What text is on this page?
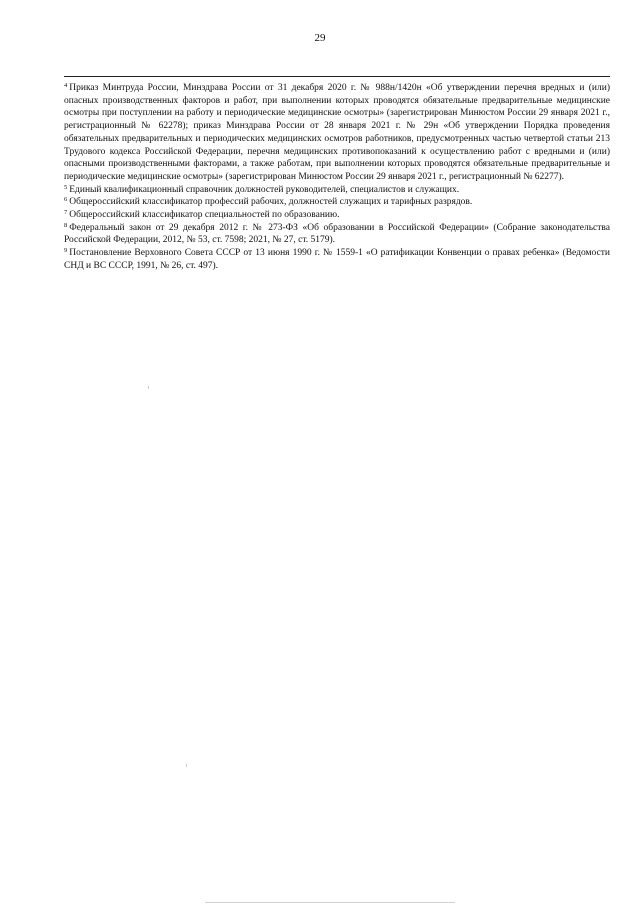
29

$^4$ Приказ Минтруда России, Минздрава России от 31 декабря 2020 г. № 988н/1420н «Об утверждении перечня вредных и (или) опасных производственных факторов и работ, при выполнении которых проводятся обязательные предварительные медицинские осмотры при поступлении на работу и периодические медицинские осмотры» (зарегистрирован Минюстом России 29 января 2021 г., регистрационный № 62278); приказ Минздрава России от 28 января 2021 г. № 29н «Об утверждении Порядка проведения обязательных предварительных и периодических медицинских осмотров работников, предусмотренных частью четвертой статьи 213 Трудового кодекса Российской Федерации, перечня медицинских противопоказаний к осуществлению работ с вредными и (или) опасными производственными факторами, а также работам, при выполнении которых проводятся обязательные предварительные и периодические медицинские осмотры» (зарегистрирован Минюстом России 29 января 2021 г., регистрационный № 62277).

$^5$ Единый квалификационный справочник должностей руководителей, специалистов и служащих.

$^6$ Общероссийский классификатор профессий рабочих, должностей служащих и тарифных разрядов.

$^7$ Общероссийский классификатор специальностей по образованию.

$^8$ Федеральный закон от 29 декабря 2012 г. № 273-ФЗ «Об образовании в Российской Федерации» (Собрание законодательства Российской Федерации, 2012, № 53, ст. 7598; 2021, № 27, ст. 5179).

$^9$ Постановление Верховного Совета СССР от 13 июня 1990 г. № 1559-1 «О ратификации Конвенции о правах ребенка» (Ведомости СНД и ВС СССР, 1991, № 26, ст. 497).
